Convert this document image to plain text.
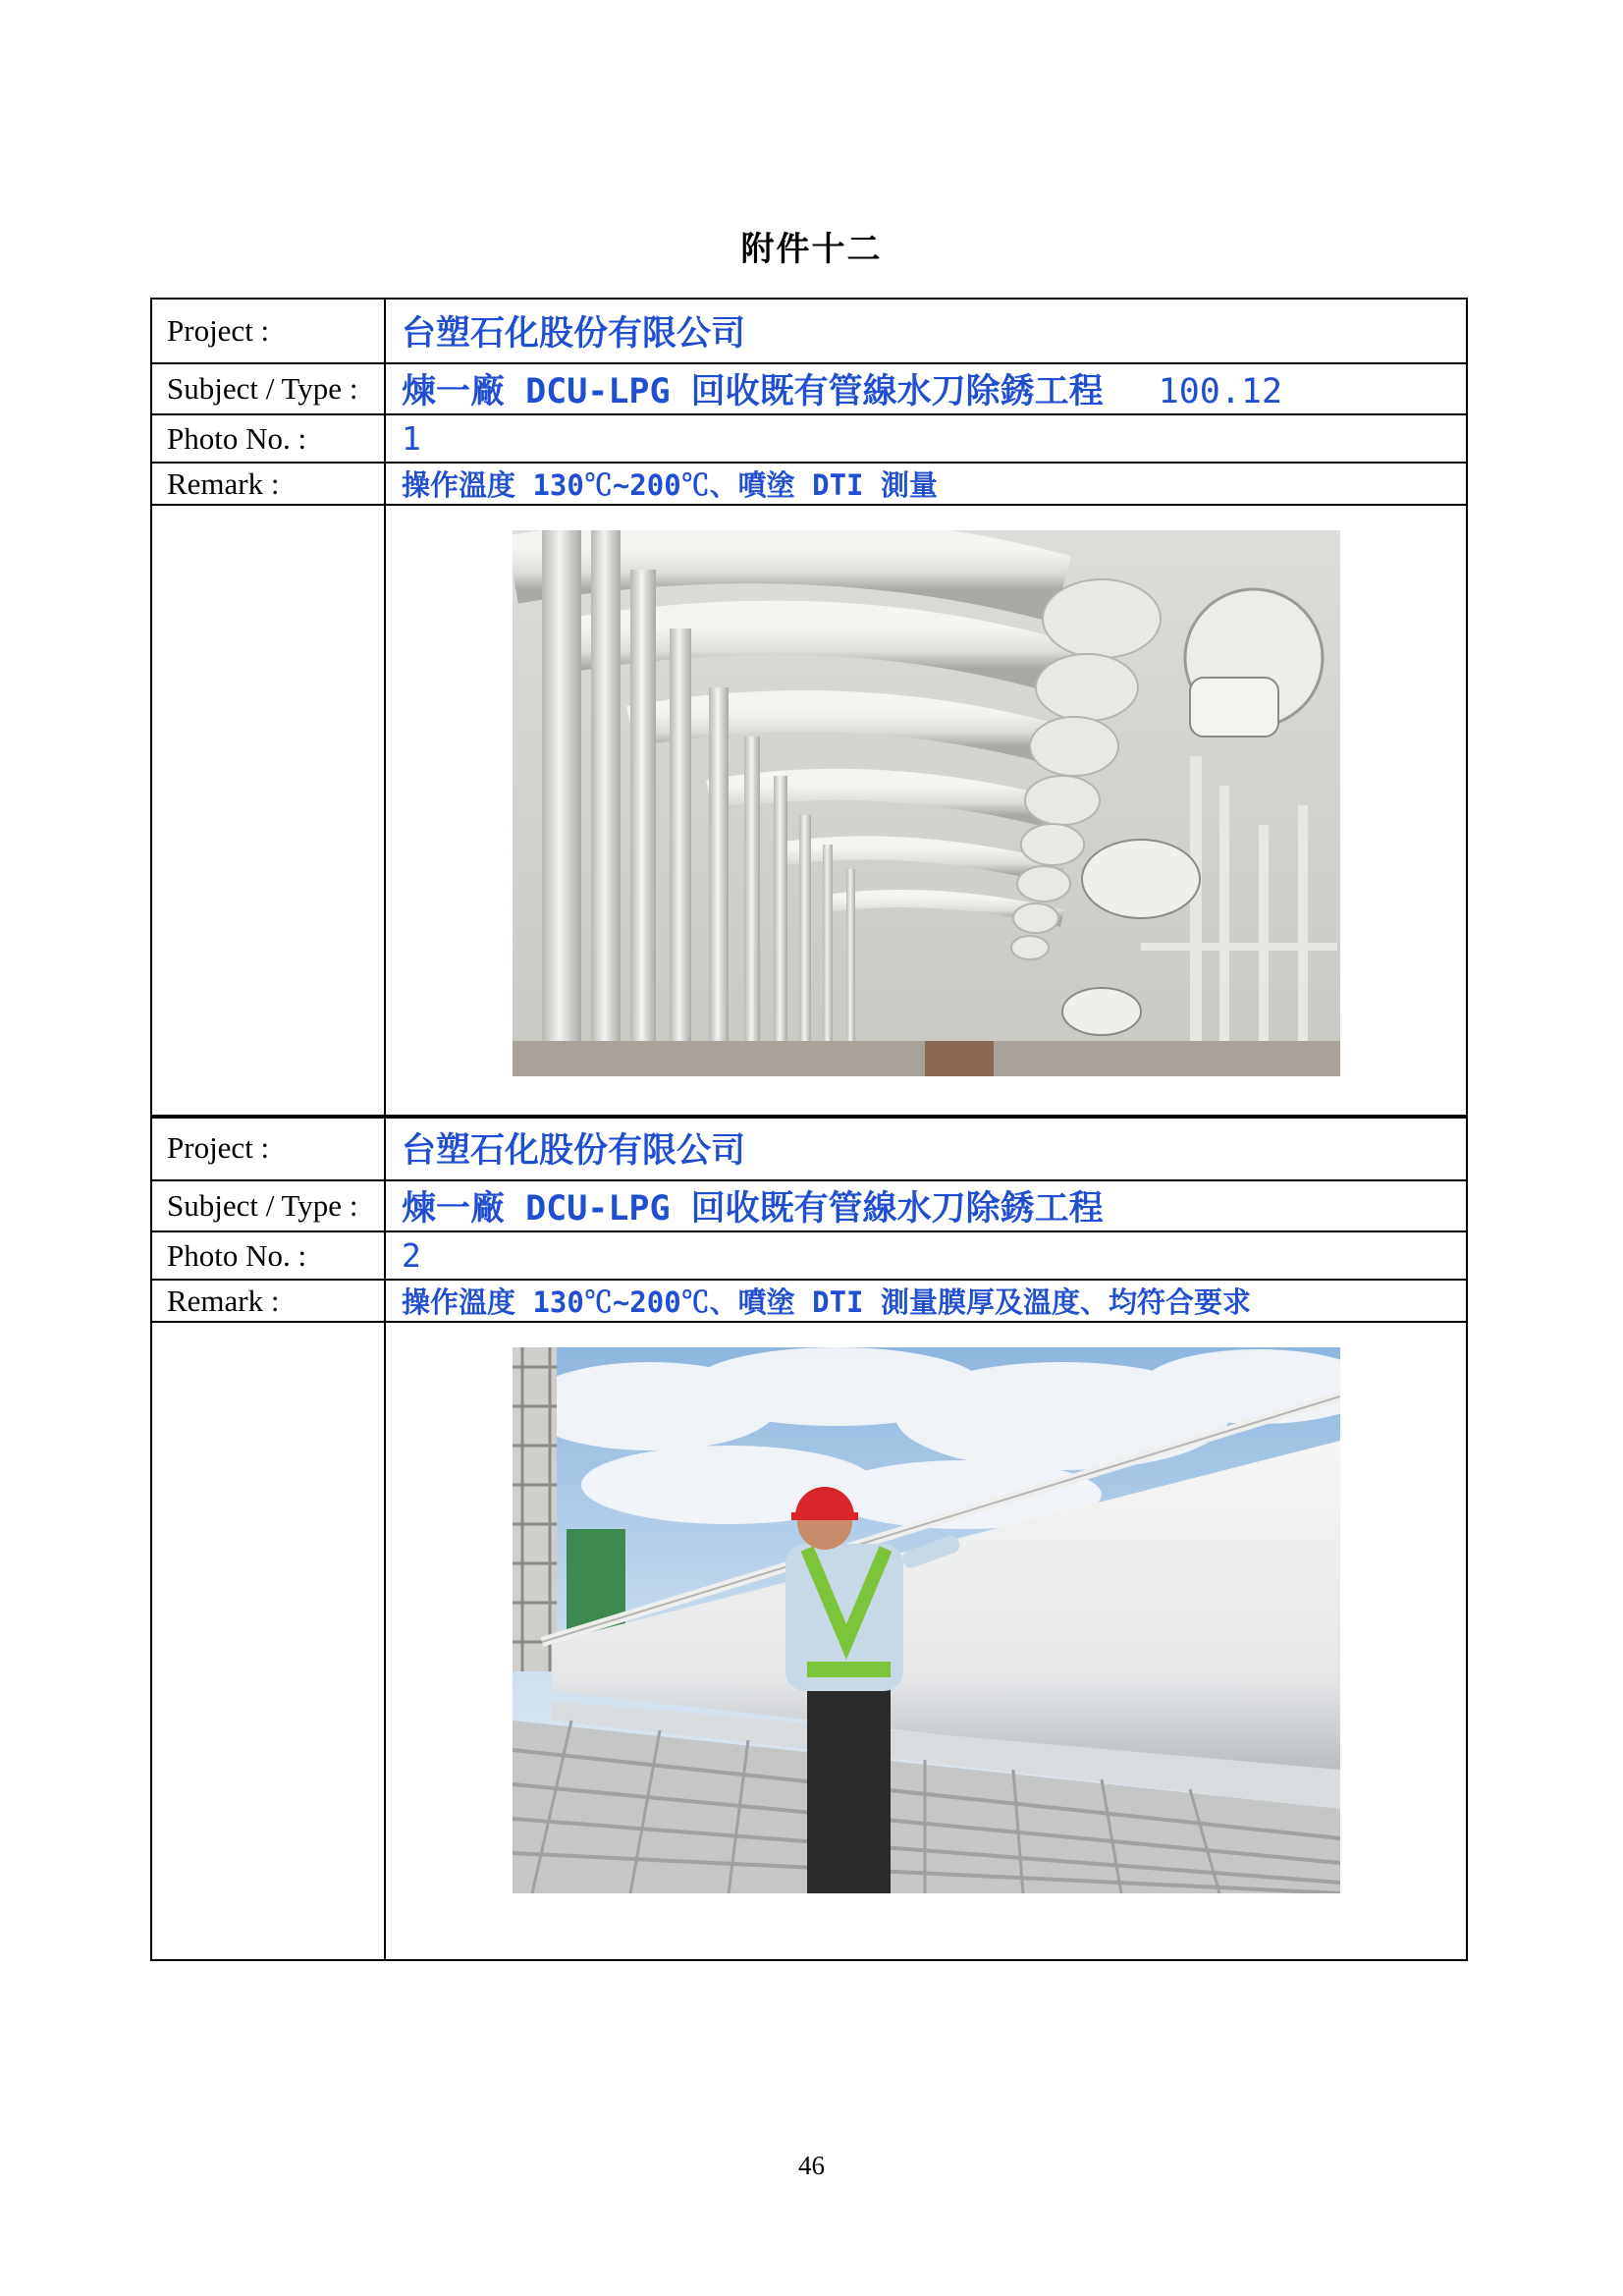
附件十二
Project :	台塑石化股份有限公司
Subject / Type :	煉一廠 DCU-LPG 回收既有管線水刀除銹工程 100.12
Photo No. :	1
Remark :	操作溫度 130℃~200℃、噴塗 DTI 測量

Project :	台塑石化股份有限公司
Subject / Type :	煉一廠 DCU-LPG 回收既有管線水刀除銹工程
Photo No. :	2
Remark :	操作溫度 130℃~200℃、噴塗 DTI 測量膜厚及溫度、均符合要求

46
